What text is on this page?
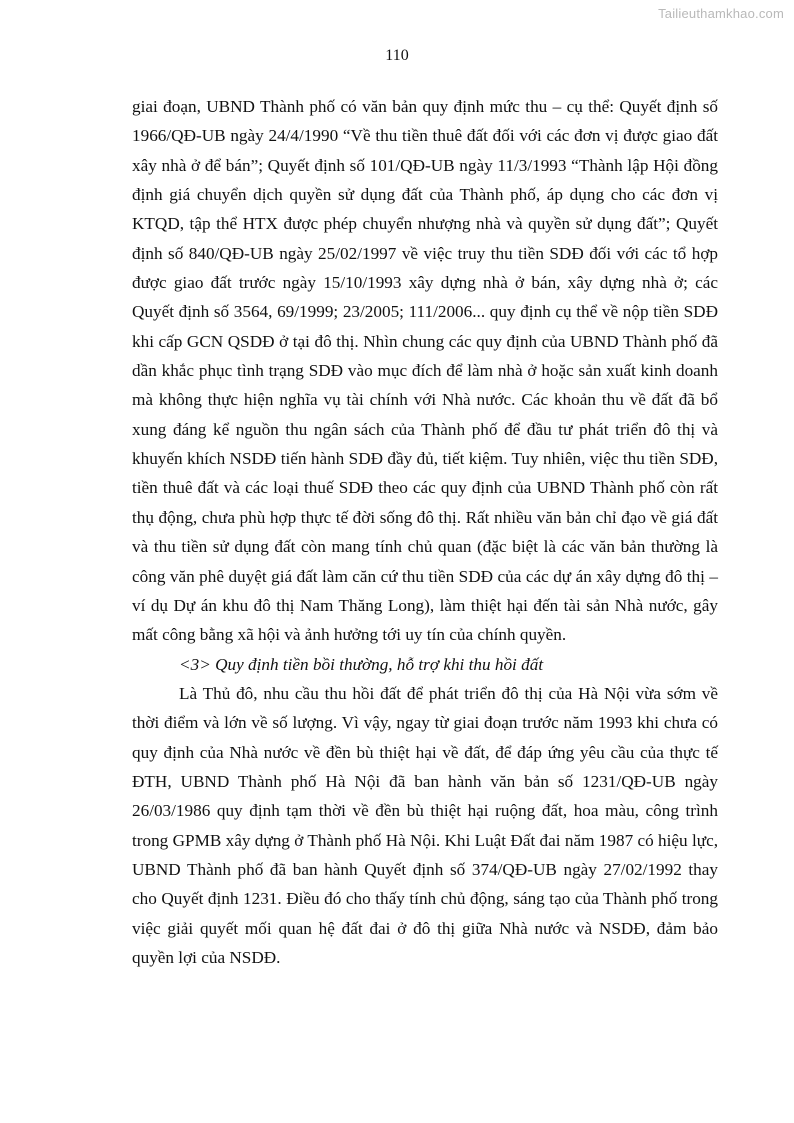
Tailieuthamkhao.com
110

giai đoạn, UBND Thành phố có văn bản quy định mức thu – cụ thể: Quyết định số 1966/QĐ-UB ngày 24/4/1990 “Về thu tiền thuê đất đối với các đơn vị được giao đất xây nhà ở để bán”; Quyết định số 101/QĐ-UB ngày 11/3/1993 “Thành lập Hội đồng định giá chuyển dịch quyền sử dụng đất của Thành phố, áp dụng cho các đơn vị KTQD, tập thể HTX được phép chuyển nhượng nhà và quyền sử dụng đất”; Quyết định số 840/QĐ-UB ngày 25/02/1997 về việc truy thu tiền SDĐ đối với các tổ hợp được giao đất trước ngày 15/10/1993 xây dựng nhà ở bán, xây dựng nhà ở; các Quyết định số 3564, 69/1999; 23/2005; 111/2006... quy định cụ thể về nộp tiền SDĐ khi cấp GCN QSDĐ ở tại đô thị. Nhìn chung các quy định của UBND Thành phố đã dần khắc phục tình trạng SDĐ vào mục đích để làm nhà ở hoặc sản xuất kinh doanh mà không thực hiện nghĩa vụ tài chính với Nhà nước. Các khoản thu về đất đã bổ xung đáng kể nguồn thu ngân sách của Thành phố để đầu tư phát triển đô thị và khuyến khích NSDĐ tiến hành SDĐ đầy đủ, tiết kiệm. Tuy nhiên, việc thu tiền SDĐ, tiền thuê đất và các loại thuế SDĐ theo các quy định của UBND Thành phố còn rất thụ động, chưa phù hợp thực tế đời sống đô thị. Rất nhiều văn bản chỉ đạo về giá đất và thu tiền sử dụng đất còn mang tính chủ quan (đặc biệt là các văn bản thường là công văn phê duyệt giá đất làm căn cứ thu tiền SDĐ của các dự án xây dựng đô thị – ví dụ Dự án khu đô thị Nam Thăng Long), làm thiệt hại đến tài sản Nhà nước, gây mất công bằng xã hội và ảnh hưởng tới uy tín của chính quyền.

<3> Quy định tiền bồi thường, hỗ trợ khi thu hồi đất

Là Thủ đô, nhu cầu thu hồi đất để phát triển đô thị của Hà Nội vừa sớm về thời điểm và lớn về số lượng. Vì vậy, ngay từ giai đoạn trước năm 1993 khi chưa có quy định của Nhà nước về đền bù thiệt hại về đất, để đáp ứng yêu cầu của thực tế ĐTH, UBND Thành phố Hà Nội đã ban hành văn bản số 1231/QĐ-UB ngày 26/03/1986 quy định tạm thời về đền bù thiệt hại ruộng đất, hoa màu, công trình trong GPMB xây dựng ở Thành phố Hà Nội. Khi Luật Đất đai năm 1987 có hiệu lực, UBND Thành phố đã ban hành Quyết định số 374/QĐ-UB ngày 27/02/1992 thay cho Quyết định 1231. Điều đó cho thấy tính chủ động, sáng tạo của Thành phố trong việc giải quyết mối quan hệ đất đai ở đô thị giữa Nhà nước và NSDĐ, đảm bảo quyền lợi của NSDĐ.
